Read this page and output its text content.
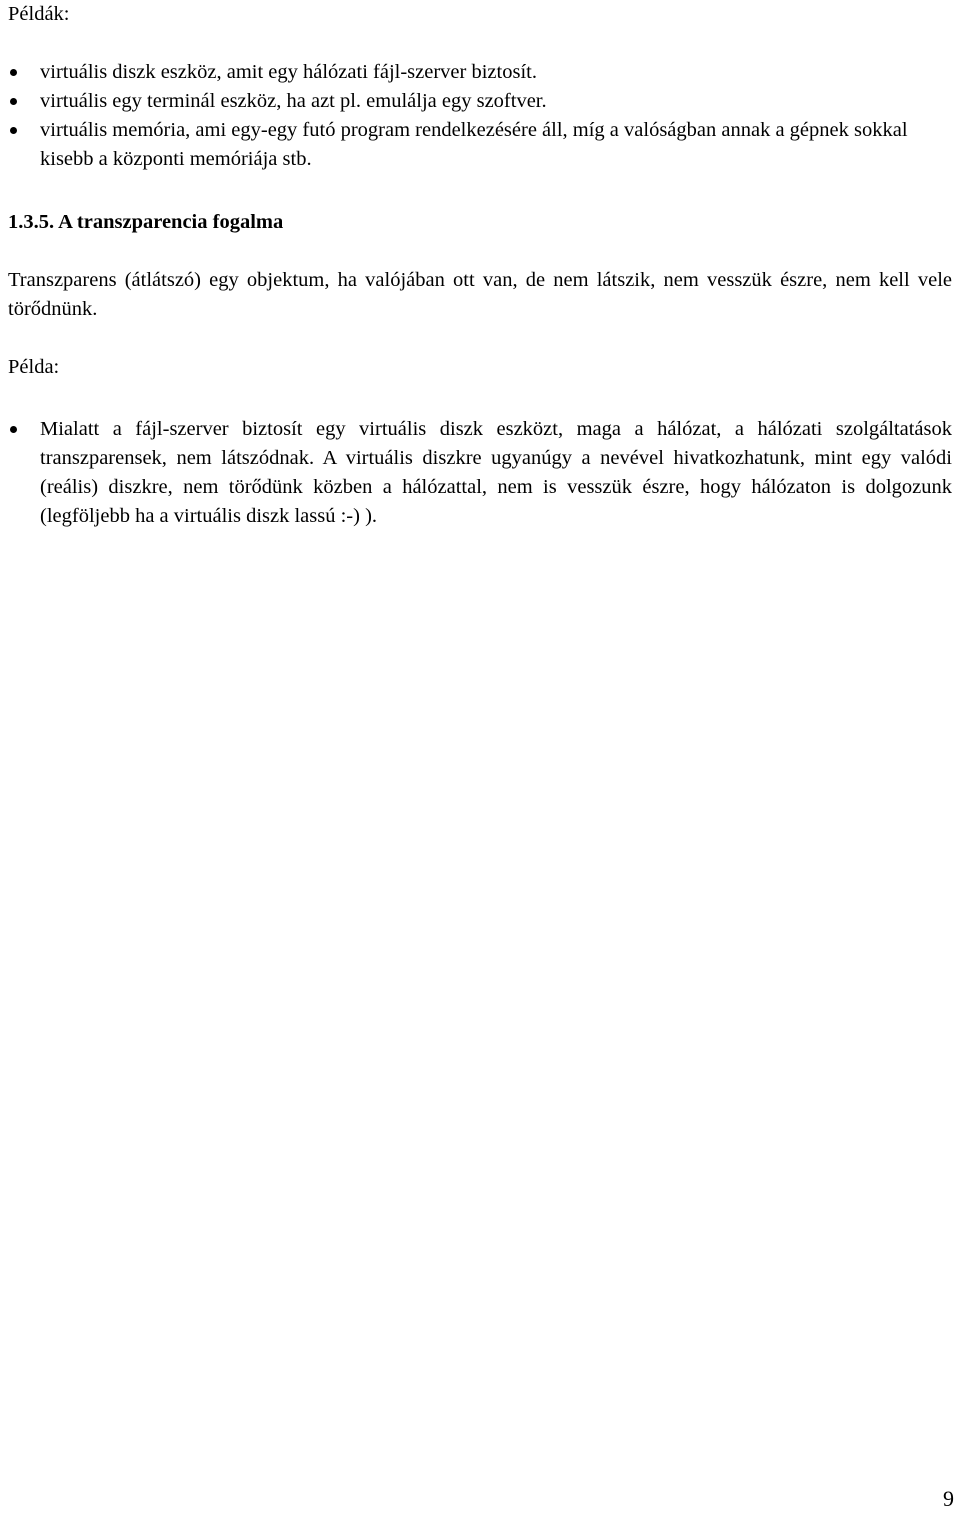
Példák:
virtuális diszk eszköz, amit egy hálózati fájl-szerver biztosít.
virtuális egy terminál eszköz, ha azt pl. emulálja egy szoftver.
virtuális memória, ami egy-egy futó program rendelkezésére áll, míg a valóságban annak a gépnek sokkal kisebb a központi memóriája stb.
1.3.5. A transzparencia fogalma
Transzparens (átlátszó) egy objektum, ha valójában ott van, de nem látszik, nem vesszük észre, nem kell vele törődnünk.
Példa:
Mialatt a fájl-szerver biztosít egy virtuális diszk eszközt, maga a hálózat, a hálózati szolgáltatások transzparensek, nem látszódnak. A virtuális diszkre ugyanúgy a nevével hivatkozhatunk, mint egy valódi (reális) diszkre, nem törődünk közben a hálózattal, nem is vesszük észre, hogy hálózaton is dolgozunk (legföljebb ha a virtuális diszk lassú :-) ).
9
